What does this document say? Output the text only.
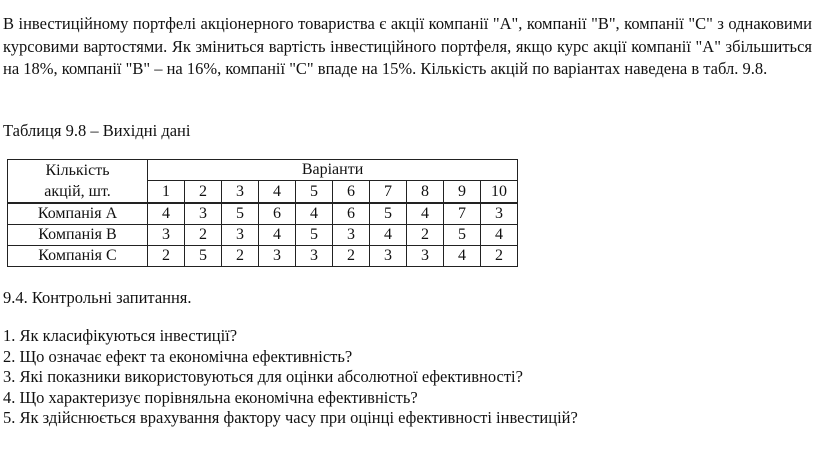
В інвестиційному портфелі акціонерного товариства є акції компанії "А", компанії "В", компанії "С" з однаковими курсовими вартостями. Як зміниться вартість інвестиційного портфеля, якщо курс акції компанії "А" збільшиться на 18%, компанії "В" – на 16%, компанії "С" впаде на 15%. Кількість акцій по варіантах наведена в табл. 9.8.

Таблиця 9.8 – Вихідні дані

Кількість
акцій, шт.	Варіанти									
	1	2	3	4	5	6	7	8	9	10
Компанія А	4	3	5	6	4	6	5	4	7	3
Компанія В	3	2	3	4	5	3	4	2	5	4
Компанія С	2	5	2	3	3	2	3	3	4	2

9.4. Контрольні запитання.

1. Як класифікуються інвестиції?
2. Що означає ефект та економічна ефективність?
3. Які показники використовуються для оцінки абсолютної ефективності?
4. Що характеризує порівняльна економічна ефективність?
5. Як здійснюється врахування фактору часу при оцінці ефективності інвестицій?
